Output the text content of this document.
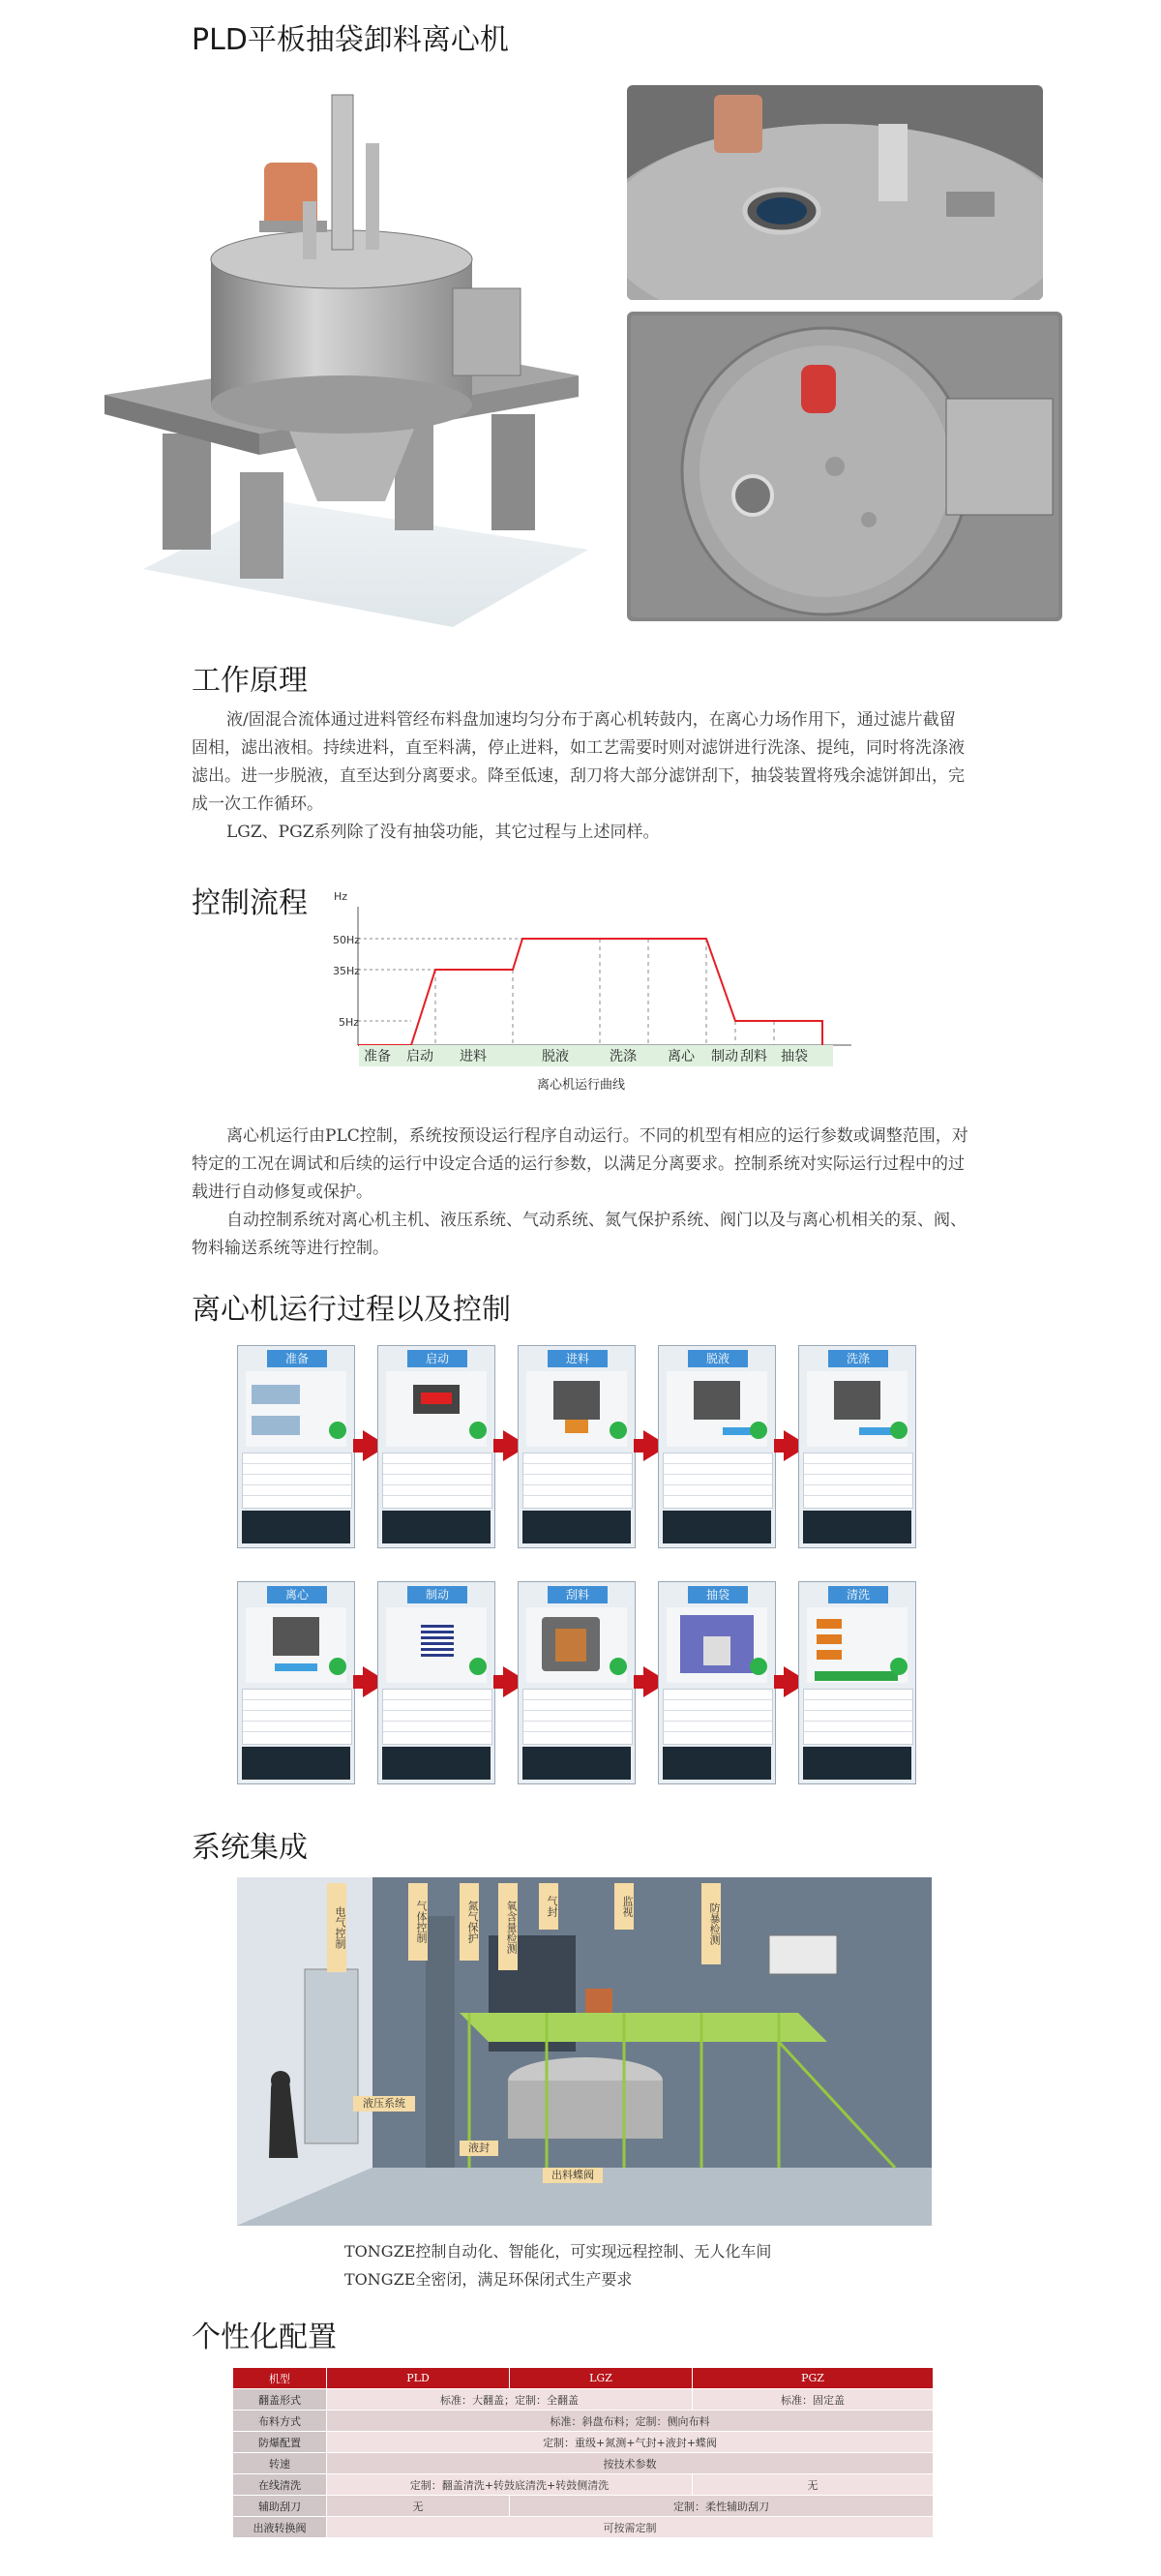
PLD平板抽袋卸料离心机
工作原理

液/固混合流体通过进料管经布料盘加速均匀分布于离心机转鼓内，在离心力场作用下，通过滤片截留固相，滤出液相。持续进料，直至料满，停止进料，如工艺需要时则对滤饼进行洗涤、提纯，同时将洗涤液滤出。进一步脱液，直至达到分离要求。降至低速，刮刀将大部分滤饼刮下，抽袋装置将残余滤饼卸出，完成一次工作循环。

LGZ、PGZ系列除了没有抽袋功能，其它过程与上述同样。

控制流程 Hz
50Hz
35Hz
5Hz
准备 启动 进料	脱液	洗涤 离心 制动 刮料 抽袋
离心机运行曲线

离心机运行由PLC控制，系统按预设运行程序自动运行。不同的机型有相应的运行参数或调整范围，对特定的工况在调试和后续的运行中设定合适的运行参数，以满足分离要求。控制系统对实际运行过程中的过载进行自动修复或保护。

自动控制系统对离心机主机、液压系统、气动系统、氮气保护系统、阀门以及与离心机相关的泵、阀、物料输送系统等进行控制。

离心机运行过程以及控制
准备	启动	进料	脱液	洗涤
离心	制动	刮料	抽袋	清洗
系统集成
电气控制	气体控制	氮气保护	氧含量检测	气封	监视	防暴检测
液压系统
液封
出料蝶阀
TONGZE控制自动化、智能化，可实现远程控制、无人化车间
TONGZE全密闭，满足环保闭式生产要求
个性化配置
机型	PLD	LGZ	PGZ
翻盖形式	标准：大翻盖；定制：全翻盖		标准：固定盖
布料方式	标准：斜盘布料；定制：侧向布料		
防爆配置	定制：重级+氮测+气封+液封+蝶阀		
转速	按技术参数		
在线清洗	定制：翻盖清洗+转鼓底清洗+转鼓侧清洗		无
辅助刮刀	无	定制：柔性辅助刮刀	
出液转换阀	可按需定制		
